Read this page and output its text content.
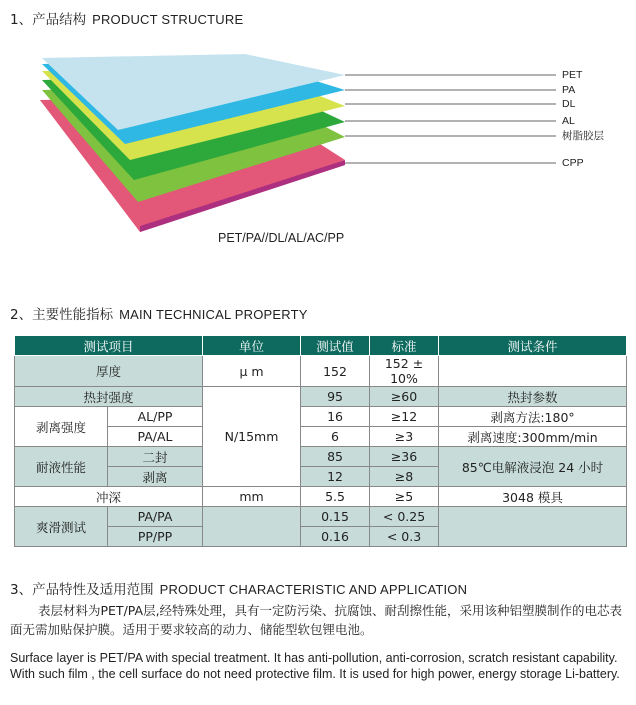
1、产品结构 PRODUCT STRUCTURE
PET
PA
DL
AL
树脂胶层
CPP
PET/PA//DL/AL/AC/PP
2、主要性能指标 MAIN TECHNICAL PROPERTY
测试项目		单位	测试值	标准	测试条件
厚度		μ m	152	152 ± 10%	
热封强度		N/15mm	95	≥60	热封参数
剥离强度	AL/PP		16	≥12	剥离方法:180°
	PA/AL		6	≥3	剥离速度:300mm/min
耐液性能	二封		85	≥36	85℃电解液浸泡 24 小时
	剥离		12	≥8	
冲深		mm	5.5	≥5	3048 模具
爽滑测试	PA/PA		0.15	< 0.25	
	PP/PP		0.16	< 0.3	
3、产品特性及适用范围 PRODUCT CHARACTERISTIC AND APPLICATION
表层材料为PET/PA层,经特殊处理，具有一定防污染、抗腐蚀、耐刮擦性能，采用该种铝塑膜制作的电芯表面无需加贴保护膜。适用于要求较高的动力、储能型软包锂电池。
Surface layer is PET/PA with special treatment. It has anti-pollution, anti-corrosion, scratch resistant capability. With such film , the cell surface do not need protective film. It is used for high power, energy storage Li-battery.
